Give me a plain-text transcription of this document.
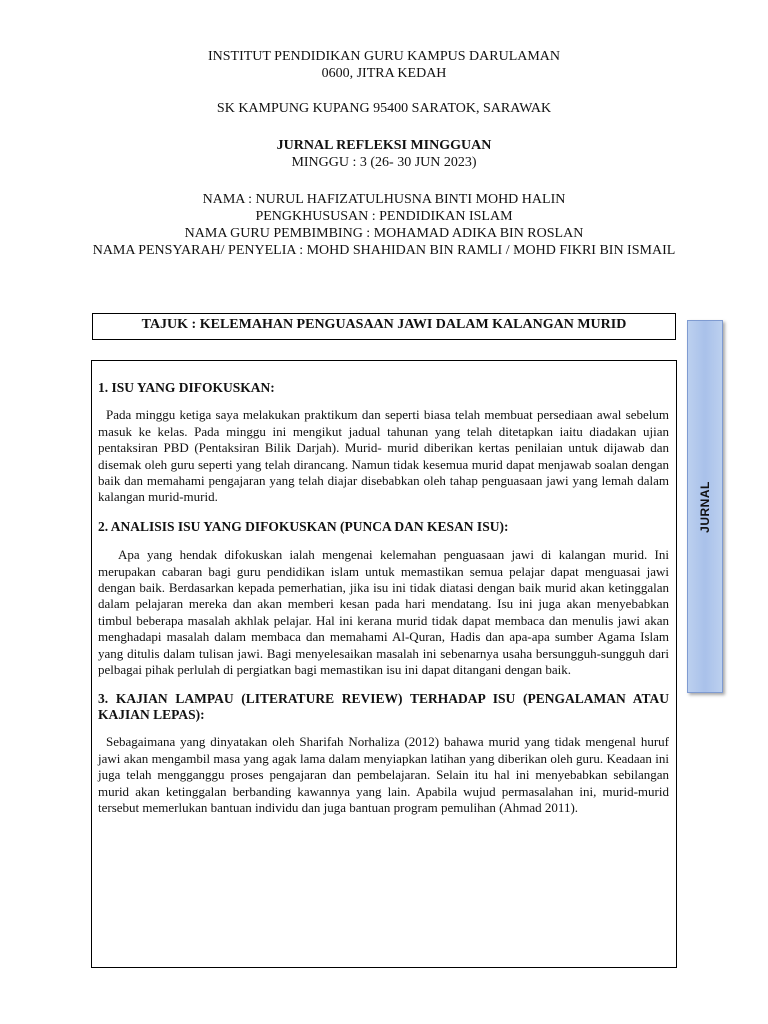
INSTITUT PENDIDIKAN GURU KAMPUS DARULAMAN
0600, JITRA KEDAH
SK KAMPUNG KUPANG 95400 SARATOK, SARAWAK
JURNAL REFLEKSI MINGGUAN
MINGGU : 3 (26- 30 JUN 2023)
NAMA : NURUL HAFIZATULHUSNA BINTI MOHD HALIN
PENGKHUSUSAN : PENDIDIKAN ISLAM
NAMA GURU PEMBIMBING : MOHAMAD ADIKA BIN ROSLAN
NAMA PENSYARAH/ PENYELIA : MOHD SHAHIDAN BIN RAMLI / MOHD FIKRI BIN ISMAIL
TAJUK : KELEMAHAN PENGUASAAN JAWI DALAM KALANGAN MURID
JURNAL
1. ISU YANG DIFOKUSKAN:

Pada minggu ketiga saya melakukan praktikum dan seperti biasa telah membuat persediaan awal sebelum masuk ke kelas. Pada minggu ini mengikut jadual tahunan yang telah ditetapkan iaitu diadakan ujian pentaksiran PBD (Pentaksiran Bilik Darjah). Murid- murid diberikan kertas penilaian untuk dijawab dan disemak oleh guru seperti yang telah dirancang. Namun tidak kesemua murid dapat menjawab soalan dengan baik dan memahami pengajaran yang telah diajar disebabkan oleh tahap penguasaan jawi yang lemah dalam kalangan murid-murid.

2. ANALISIS ISU YANG DIFOKUSKAN (PUNCA DAN KESAN ISU):

Apa yang hendak difokuskan ialah mengenai kelemahan penguasaan jawi di kalangan murid. Ini merupakan cabaran bagi guru pendidikan islam untuk memastikan semua pelajar dapat menguasai jawi dengan baik. Berdasarkan kepada pemerhatian, jika isu ini tidak diatasi dengan baik murid akan ketinggalan dalam pelajaran mereka dan akan memberi kesan pada hari mendatang. Isu ini juga akan menyebabkan timbul beberapa masalah akhlak pelajar. Hal ini kerana murid tidak dapat membaca dan menulis jawi akan menghadapi masalah dalam membaca dan memahami Al-Quran, Hadis dan apa-apa sumber Agama Islam yang ditulis dalam tulisan jawi. Bagi menyelesaikan masalah ini sebenarnya usaha bersungguh-sungguh dari pelbagai pihak perlulah di pergiatkan bagi memastikan isu ini dapat ditangani dengan baik.

3. KAJIAN LAMPAU (LITERATURE REVIEW) TERHADAP ISU (PENGALAMAN ATAU KAJIAN LEPAS):

Sebagaimana yang dinyatakan oleh Sharifah Norhaliza (2012) bahawa murid yang tidak mengenal huruf jawi akan mengambil masa yang agak lama dalam menyiapkan latihan yang diberikan oleh guru. Keadaan ini juga telah mengganggu proses pengajaran dan pembelajaran. Selain itu hal ini menyebabkan sebilangan murid akan ketinggalan berbanding kawannya yang lain. Apabila wujud permasalahan ini, murid-murid tersebut memerlukan bantuan individu dan juga bantuan program pemulihan (Ahmad 2011).
